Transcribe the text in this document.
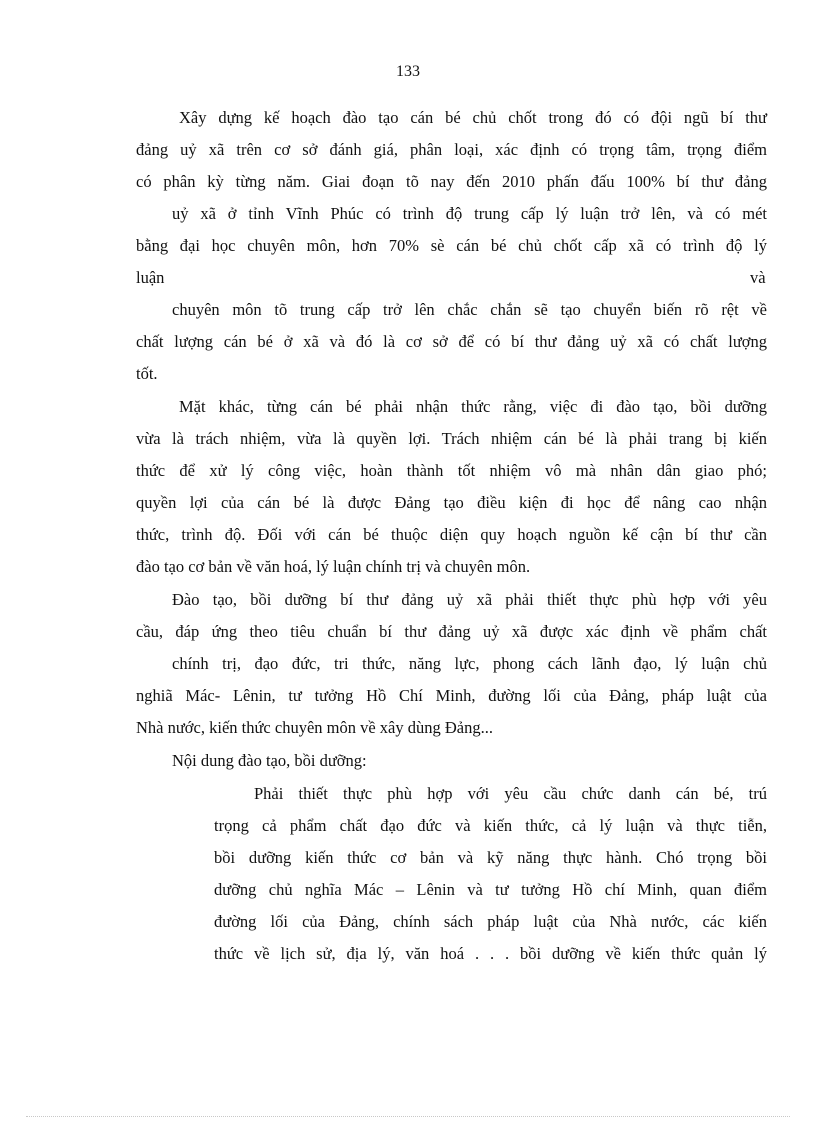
133
Xây dựng kế hoạch đào tạo cán bé chủ chốt trong đó có đội ngũ bí thư
đảng uỷ xã trên cơ sở đánh giá, phân loại, xác định có trọng tâm, trọng điểm
có phân kỳ từng năm. Giai đoạn tõ nay đến 2010 phấn đấu 100% bí thư đảng
uỷ xã ở tỉnh Vĩnh Phúc có trình độ trung cấp lý luận trở lên, và có mét
bằng đại học chuyên môn, hơn 70% sè cán bé chủ chốt cấp xã có trình độ lý
luận	và
chuyên môn tõ trung cấp trở lên chắc chắn sẽ tạo chuyển biến rõ rệt về
chất lượng cán bé ở xã và đó là cơ sở để có bí thư đảng uỷ xã có chất lượng
tốt.
Mặt khác, từng cán bé phải nhận thức rằng, việc đi đào tạo, bồi dưỡng
vừa là trách nhiệm, vừa là quyền lợi. Trách nhiệm cán bé là phải trang bị kiến
thức để xử lý công việc, hoàn thành tốt nhiệm vô mà nhân dân giao phó;
quyền lợi của cán bé là được Đảng tạo điều kiện đi học để nâng cao nhận
thức, trình độ. Đối với cán bé thuộc diện quy hoạch nguồn kế cận bí thư cần
đào tạo cơ bản về văn hoá, lý luận chính trị và chuyên môn.
Đào tạo, bồi dưỡng bí thư đảng uỷ xã phải thiết thực phù hợp với yêu
cầu, đáp ứng theo tiêu chuẩn bí thư đảng uỷ xã được xác định về phẩm chất
chính trị, đạo đức, tri thức, năng lực, phong cách lãnh đạo, lý luận chủ
nghiã Mác- Lênin, tư tưởng Hồ Chí Minh, đường lối của Đảng, pháp luật của
Nhà nước, kiến thức chuyên môn về xây dùng Đảng...
Nội dung đào tạo, bồi dưỡng:
Phải thiết thực phù hợp với yêu cầu chức danh cán bé, trú
trọng cả phẩm chất đạo đức và kiến thức, cả lý luận và thực tiễn,
bồi dưỡng kiến thức cơ bản và kỹ năng thực hành. Chó trọng bồi
dưỡng chủ nghĩa Mác – Lênin và tư tưởng Hồ chí Minh, quan điểm
đường lối của Đảng, chính sách pháp luật của Nhà nước, các kiến
thức về lịch sử, địa lý, văn hoá . . . bồi dưỡng về kiến thức quản lý
